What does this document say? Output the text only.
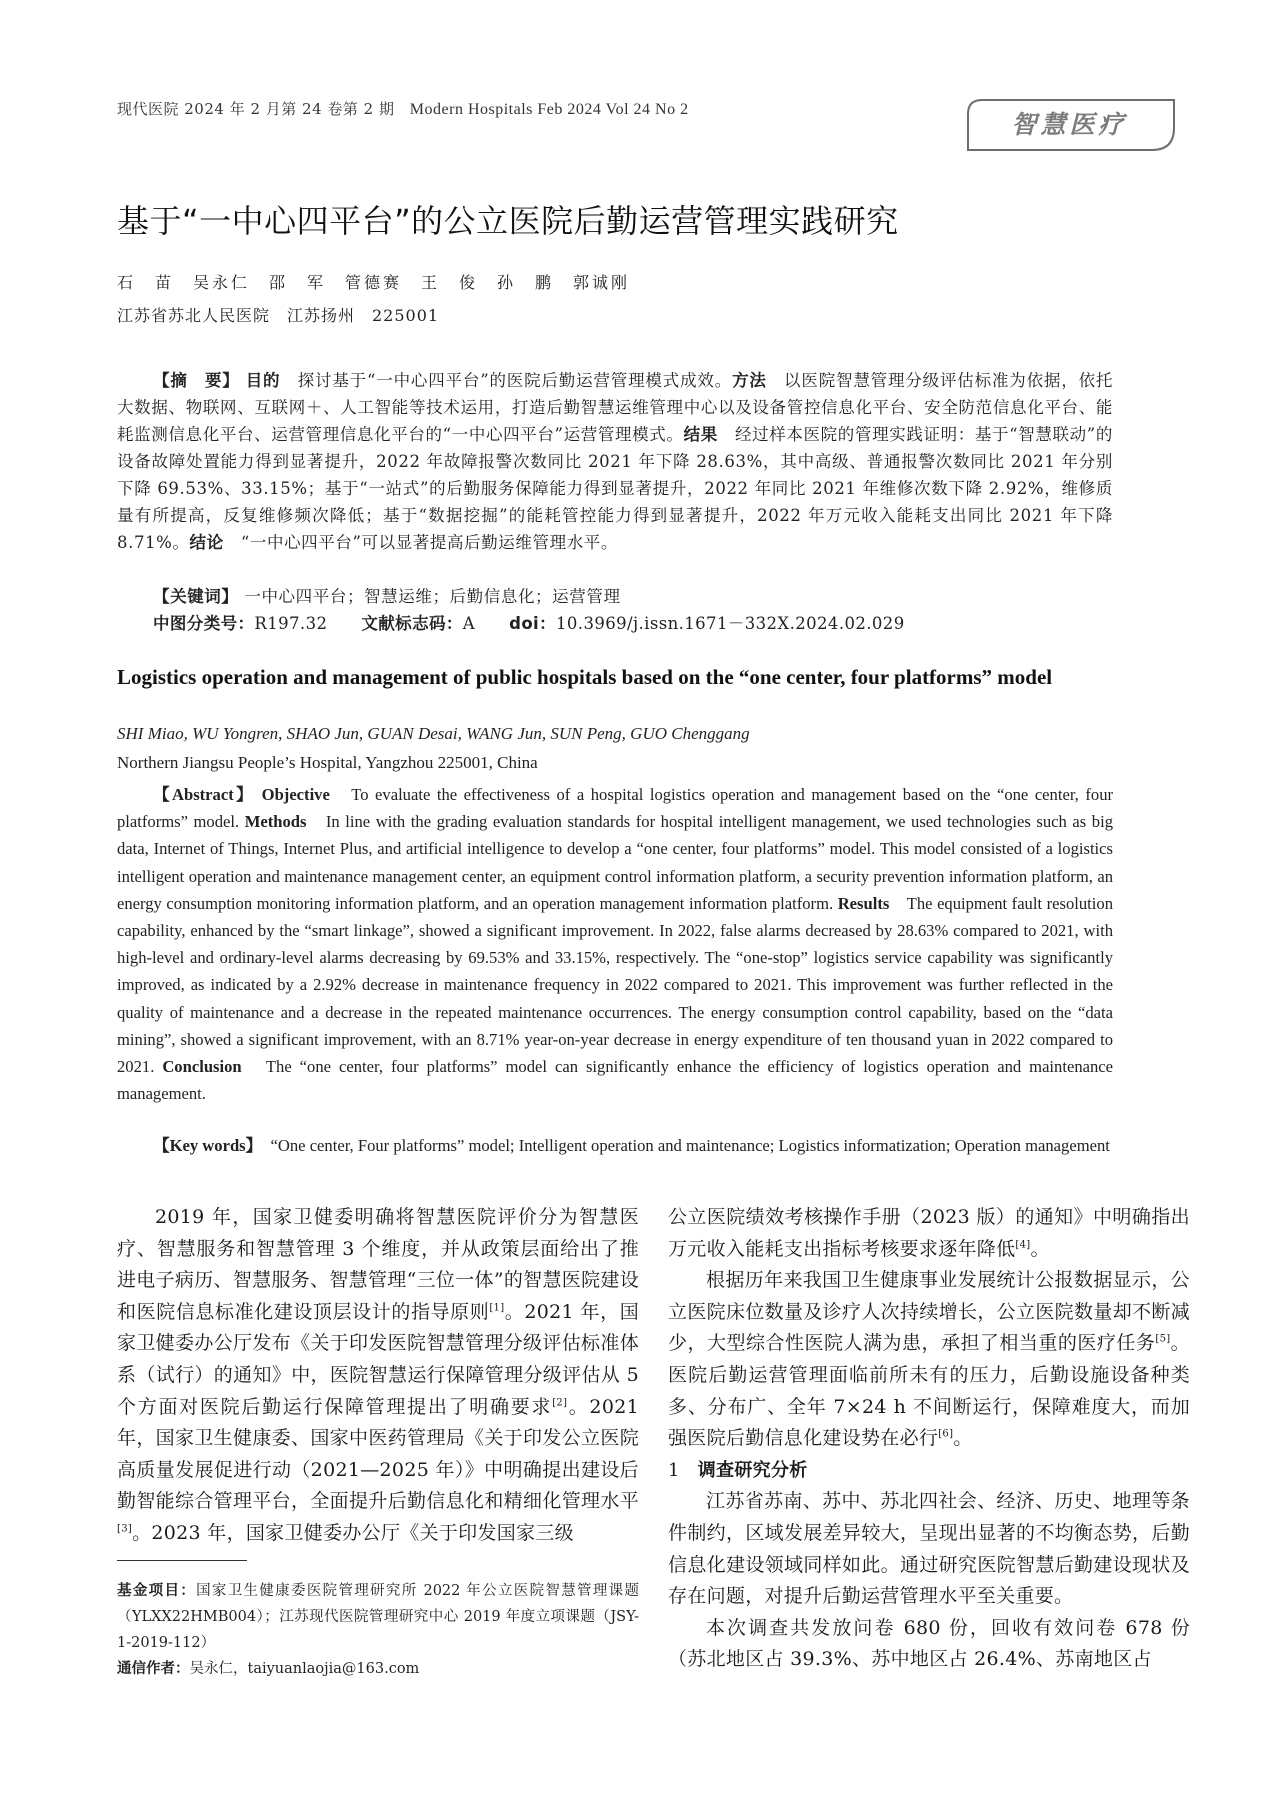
现代医院 2024 年 2 月第 24 卷第 2 期 Modern Hospitals Feb 2024 Vol 24 No 2
智慧医疗
基于“一中心四平台”的公立医院后勤运营管理实践研究
石　苗　吴永仁　邵　军　管德赛　王　俊　孙　鹏　郭诚刚
江苏省苏北人民医院　江苏扬州　225001
【摘　要】 目的　探讨基于“一中心四平台”的医院后勤运营管理模式成效。方法　以医院智慧管理分级评估标准为依据，依托大数据、物联网、互联网＋、人工智能等技术运用，打造后勤智慧运维管理中心以及设备管控信息化平台、安全防范信息化平台、能耗监测信息化平台、运营管理信息化平台的“一中心四平台”运营管理模式。结果　经过样本医院的管理实践证明：基于“智慧联动”的设备故障处置能力得到显著提升，2022 年故障报警次数同比 2021 年下降 28.63%，其中高级、普通报警次数同比 2021 年分别下降 69.53%、33.15%；基于“一站式”的后勤服务保障能力得到显著提升，2022 年同比 2021 年维修次数下降 2.92%，维修质量有所提高，反复维修频次降低；基于“数据挖掘”的能耗管控能力得到显著提升，2022 年万元收入能耗支出同比 2021 年下降 8.71%。结论　“一中心四平台”可以显著提高后勤运维管理水平。
【关键词】 一中心四平台；智慧运维；后勤信息化；运营管理
中图分类号：R197.32 文献标志码：A doi：10.3969/j.issn.1671－332X.2024.02.029
Logistics operation and management of public hospitals based on the “one center, four platforms” model
SHI Miao, WU Yongren, SHAO Jun, GUAN Desai, WANG Jun, SUN Peng, GUO Chenggang
Northern Jiangsu People’s Hospital, Yangzhou 225001, China
【Abstract】 Objective　To evaluate the effectiveness of a hospital logistics operation and management based on the “one center, four platforms” model. Methods　In line with the grading evaluation standards for hospital intelligent management, we used technologies such as big data, Internet of Things, Internet Plus, and artificial intelligence to develop a “one center, four platforms” model. This model consisted of a logistics intelligent operation and maintenance management center, an equipment control information platform, a security prevention information platform, an energy consumption monitoring information platform, and an operation management information platform. Results　The equipment fault resolution capability, enhanced by the “smart linkage”, showed a significant improvement. In 2022, false alarms decreased by 28.63% compared to 2021, with high-level and ordinary-level alarms decreasing by 69.53% and 33.15%, respectively. The “one-stop” logistics service capability was significantly improved, as indicated by a 2.92% decrease in maintenance frequency in 2022 compared to 2021. This improvement was further reflected in the quality of maintenance and a decrease in the repeated maintenance occurrences. The energy consumption control capability, based on the “data mining”, showed a significant improvement, with an 8.71% year-on-year decrease in energy expenditure of ten thousand yuan in 2022 compared to 2021. Conclusion　The “one center, four platforms” model can significantly enhance the efficiency of logistics operation and maintenance management.
【Key words】　“One center, Four platforms” model; Intelligent operation and maintenance; Logistics informatization; Operation management

2019 年，国家卫健委明确将智慧医院评价分为智慧医疗、智慧服务和智慧管理 3 个维度，并从政策层面给出了推进电子病历、智慧服务、智慧管理“三位一体”的智慧医院建设和医院信息标准化建设顶层设计的指导原则[1]。2021 年，国家卫健委办公厅发布《关于印发医院智慧管理分级评估标准体系（试行）的通知》中，医院智慧运行保障管理分级评估从 5 个方面对医院后勤运行保障管理提出了明确要求[2]。2021 年，国家卫生健康委、国家中医药管理局《关于印发公立医院高质量发展促进行动（2021—2025 年）》中明确提出建设后勤智能综合管理平台，全面提升后勤信息化和精细化管理水平[3]。2023 年，国家卫健委办公厅《关于印发国家三级

公立医院绩效考核操作手册（2023 版）的通知》中明确指出万元收入能耗支出指标考核要求逐年降低[4]。

根据历年来我国卫生健康事业发展统计公报数据显示，公立医院床位数量及诊疗人次持续增长，公立医院数量却不断减少，大型综合性医院人满为患，承担了相当重的医疗任务[5]。医院后勤运营管理面临前所未有的压力，后勤设施设备种类多、分布广、全年 7×24 h 不间断运行，保障难度大，而加强医院后勤信息化建设势在必行[6]。

1 调查研究分析

江苏省苏南、苏中、苏北四社会、经济、历史、地理等条件制约，区域发展差异较大，呈现出显著的不均衡态势，后勤信息化建设领域同样如此。通过研究医院智慧后勤建设现状及存在问题，对提升后勤运营管理水平至关重要。

本次调查共发放问卷 680 份，回收有效问卷 678 份（苏北地区占 39.3%、苏中地区占 26.4%、苏南地区占

基金项目：国家卫生健康委医院管理研究所 2022 年公立医院智慧管理课题（YLXX22HMB004）；江苏现代医院管理研究中心 2019 年度立项课题（JSY-1-2019-112）

通信作者：吴永仁，taiyuanlaojia@163.com
